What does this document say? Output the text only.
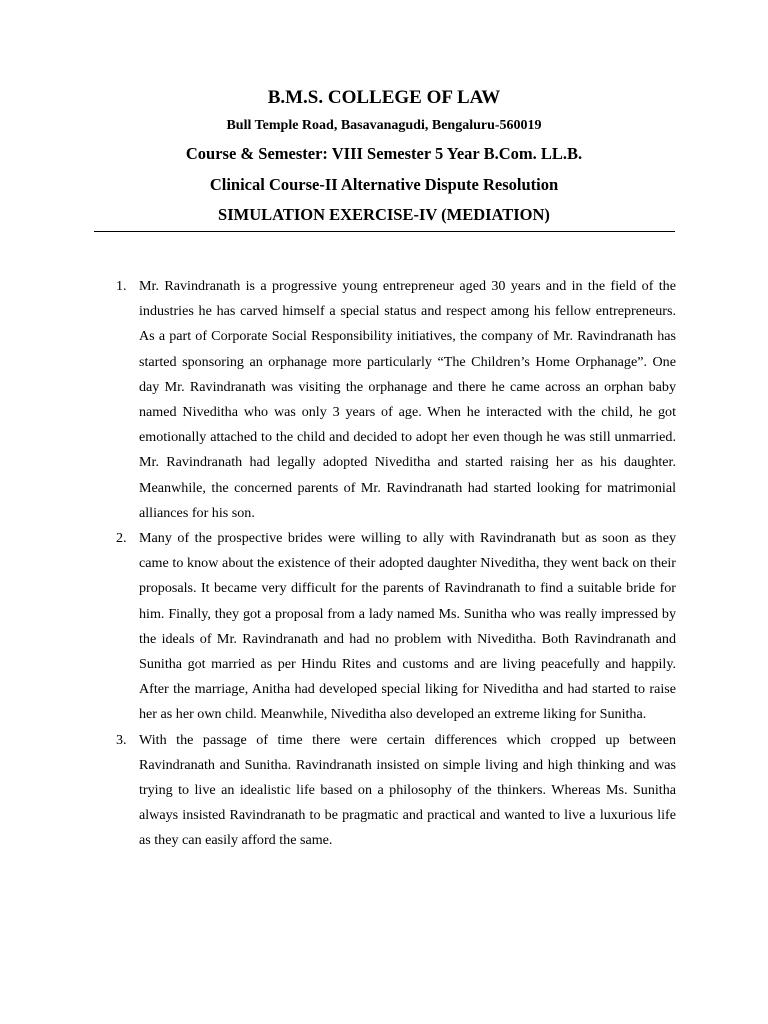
B.M.S. COLLEGE OF LAW

Bull Temple Road, Basavanagudi, Bengaluru-560019

Course & Semester: VIII Semester 5 Year B.Com. LL.B.

Clinical Course-II Alternative Dispute Resolution

SIMULATION EXERCISE-IV (MEDIATION)

1. Mr. Ravindranath is a progressive young entrepreneur aged 30 years and in the field of the industries he has carved himself a special status and respect among his fellow entrepreneurs. As a part of Corporate Social Responsibility initiatives, the company of Mr. Ravindranath has started sponsoring an orphanage more particularly “The Children’s Home Orphanage”. One day Mr. Ravindranath was visiting the orphanage and there he came across an orphan baby named Niveditha who was only 3 years of age. When he interacted with the child, he got emotionally attached to the child and decided to adopt her even though he was still unmarried. Mr. Ravindranath had legally adopted Niveditha and started raising her as his daughter. Meanwhile, the concerned parents of Mr. Ravindranath had started looking for matrimonial alliances for his son.
2. Many of the prospective brides were willing to ally with Ravindranath but as soon as they came to know about the existence of their adopted daughter Niveditha, they went back on their proposals. It became very difficult for the parents of Ravindranath to find a suitable bride for him. Finally, they got a proposal from a lady named Ms. Sunitha who was really impressed by the ideals of Mr. Ravindranath and had no problem with Niveditha. Both Ravindranath and Sunitha got married as per Hindu Rites and customs and are living peacefully and happily. After the marriage, Anitha had developed special liking for Niveditha and had started to raise her as her own child. Meanwhile, Niveditha also developed an extreme liking for Sunitha.
3. With the passage of time there were certain differences which cropped up between Ravindranath and Sunitha. Ravindranath insisted on simple living and high thinking and was trying to live an idealistic life based on a philosophy of the thinkers. Whereas Ms. Sunitha always insisted Ravindranath to be pragmatic and practical and wanted to live a luxurious life as they can easily afford the same.
